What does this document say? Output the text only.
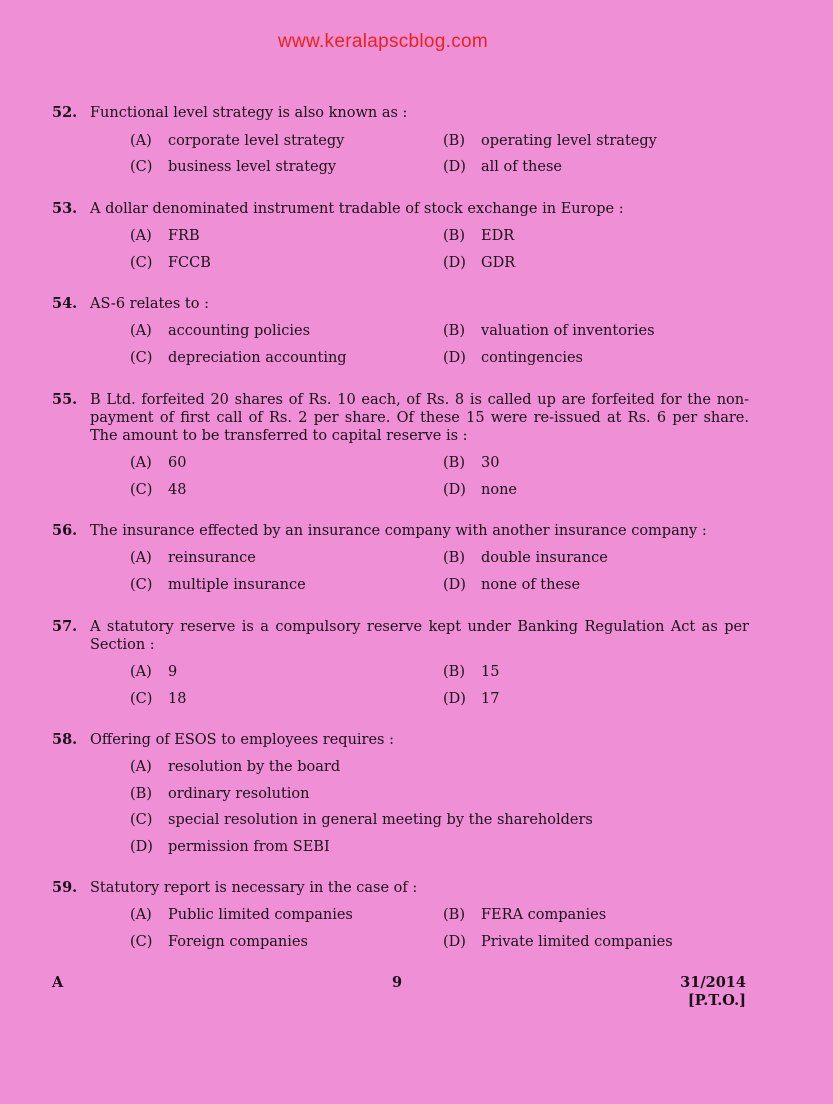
www.keralapscblog.com
52. Functional level strategy is also known as :
(A) corporate level strategy	(B) operating level strategy
(C) business level strategy	(D) all of these
53. A dollar denominated instrument tradable of stock exchange in Europe :
(A) FRB	(B) EDR
(C) FCCB	(D) GDR
54. AS-6 relates to :
(A) accounting policies	(B) valuation of inventories
(C) depreciation accounting	(D) contingencies
55. B Ltd. forfeited 20 shares of Rs. 10 each, of Rs. 8 is called up are forfeited for the non-payment of first call of Rs. 2 per share. Of these 15 were re-issued at Rs. 6 per share. The amount to be transferred to capital reserve is :
(A) 60	(B) 30
(C) 48	(D) none
56. The insurance effected by an insurance company with another insurance company :
(A) reinsurance	(B) double insurance
(C) multiple insurance	(D) none of these
57. A statutory reserve is a compulsory reserve kept under Banking Regulation Act as per Section :
(A) 9	(B) 15
(C) 18	(D) 17
58. Offering of ESOS to employees requires :
(A) resolution by the board
(B) ordinary resolution
(C) special resolution in general meeting by the shareholders
(D) permission from SEBI
59. Statutory report is necessary in the case of :
(A) Public limited companies	(B) FERA companies
(C) Foreign companies	(D) Private limited companies
A	9	31/2014
[P.T.O.]
